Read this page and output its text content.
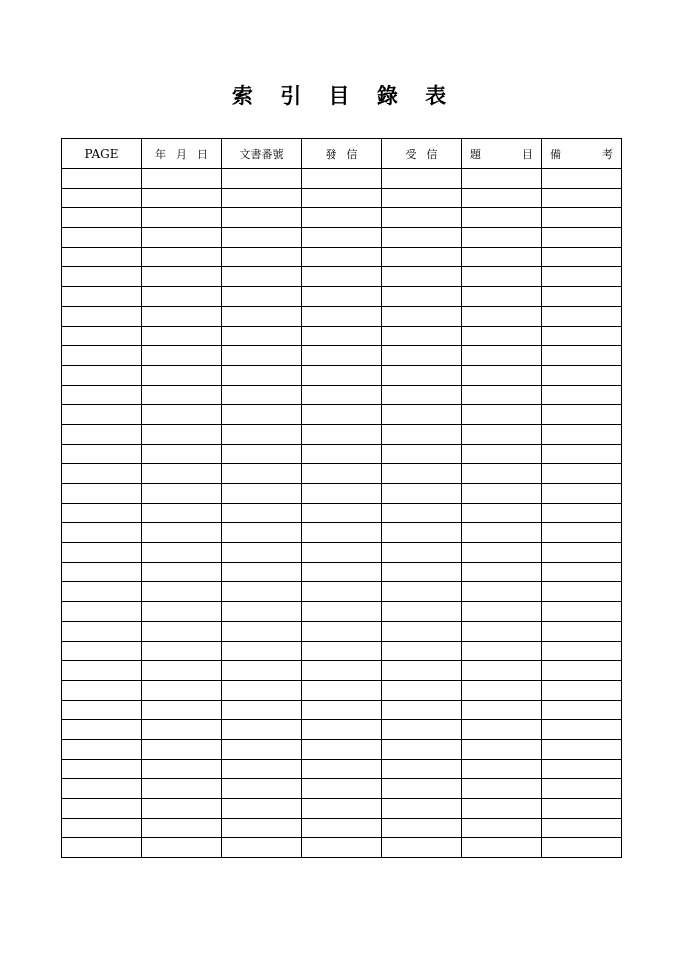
索 引 目 錄 表
PAGE	年 月 日	文書番號	發 信	受 信	題 目	備 考
